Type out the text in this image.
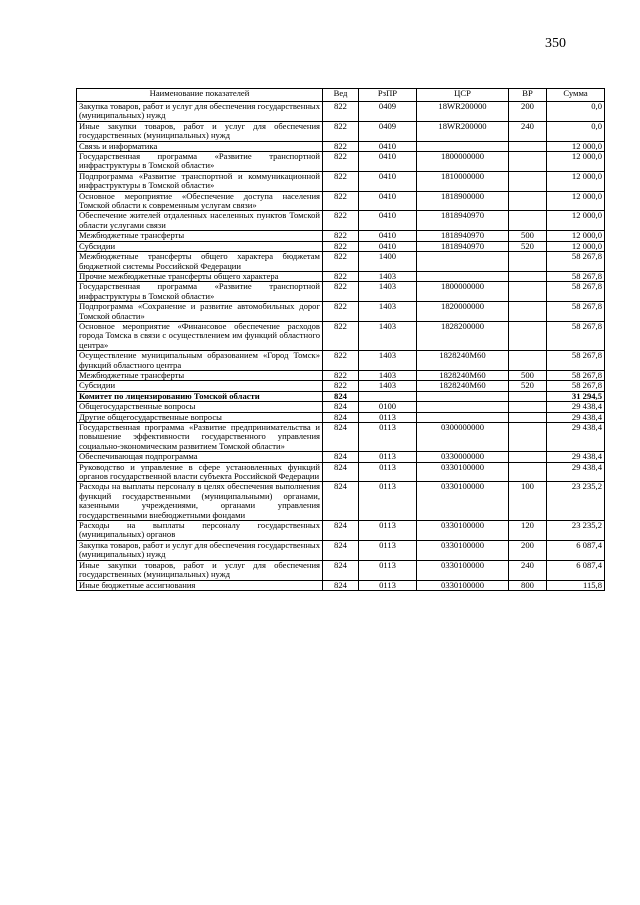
350
Наименование показателей	Вед	РзПР	ЦСР	ВР	Сумма
Закупка товаров, работ и услуг для обеспечения государственных (муниципальных) нужд	822	0409	18WR200000	200	0,0
Иные закупки товаров, работ и услуг для обеспечения государственных (муниципальных) нужд	822	0409	18WR200000	240	0,0
Связь и информатика	822	0410			12 000,0
Государственная программа «Развитие транспортной инфраструктуры в Томской области»	822	0410	1800000000		12 000,0
Подпрограмма «Развитие транспортной и коммуникационной инфраструктуры в Томской области»	822	0410	1810000000		12 000,0
Основное мероприятие «Обеспечение доступа населения Томской области к современным услугам связи»	822	0410	1818900000		12 000,0
Обеспечение жителей отдаленных населенных пунктов Томской области услугами связи	822	0410	1818940970		12 000,0
Межбюджетные трансферты	822	0410	1818940970	500	12 000,0
Субсидии	822	0410	1818940970	520	12 000,0
Межбюджетные трансферты общего характера бюджетам бюджетной системы Российской Федерации	822	1400			58 267,8
Прочие межбюджетные трансферты общего характера	822	1403			58 267,8
Государственная программа «Развитие транспортной инфраструктуры в Томской области»	822	1403	1800000000		58 267,8
Подпрограмма «Сохранение и развитие автомобильных дорог Томской области»	822	1403	1820000000		58 267,8
Основное мероприятие «Финансовое обеспечение расходов города Томска в связи с осуществлением им функций областного центра»	822	1403	1828200000		58 267,8
Осуществление муниципальным образованием «Город Томск» функций областного центра	822	1403	1828240М60		58 267,8
Межбюджетные трансферты	822	1403	1828240М60	500	58 267,8
Субсидии	822	1403	1828240М60	520	58 267,8
Комитет по лицензированию Томской области	824				31 294,5
Общегосударственные вопросы	824	0100			29 438,4
Другие общегосударственные вопросы	824	0113			29 438,4
Государственная программа «Развитие предпринимательства и повышение эффективности государственного управления социально-экономическим развитием Томской области»	824	0113	0300000000		29 438,4
Обеспечивающая подпрограмма	824	0113	0330000000		29 438,4
Руководство и управление в сфере установленных функций органов государственной власти субъекта Российской Федерации	824	0113	0330100000		29 438,4
Расходы на выплаты персоналу в целях обеспечения выполнения функций государственными (муниципальными) органами, казенными учреждениями, органами управления государственными внебюджетными фондами	824	0113	0330100000	100	23 235,2
Расходы на выплаты персоналу государственных (муниципальных) органов	824	0113	0330100000	120	23 235,2
Закупка товаров, работ и услуг для обеспечения государственных (муниципальных) нужд	824	0113	0330100000	200	6 087,4
Иные закупки товаров, работ и услуг для обеспечения государственных (муниципальных) нужд	824	0113	0330100000	240	6 087,4
Иные бюджетные ассигнования	824	0113	0330100000	800	115,8
